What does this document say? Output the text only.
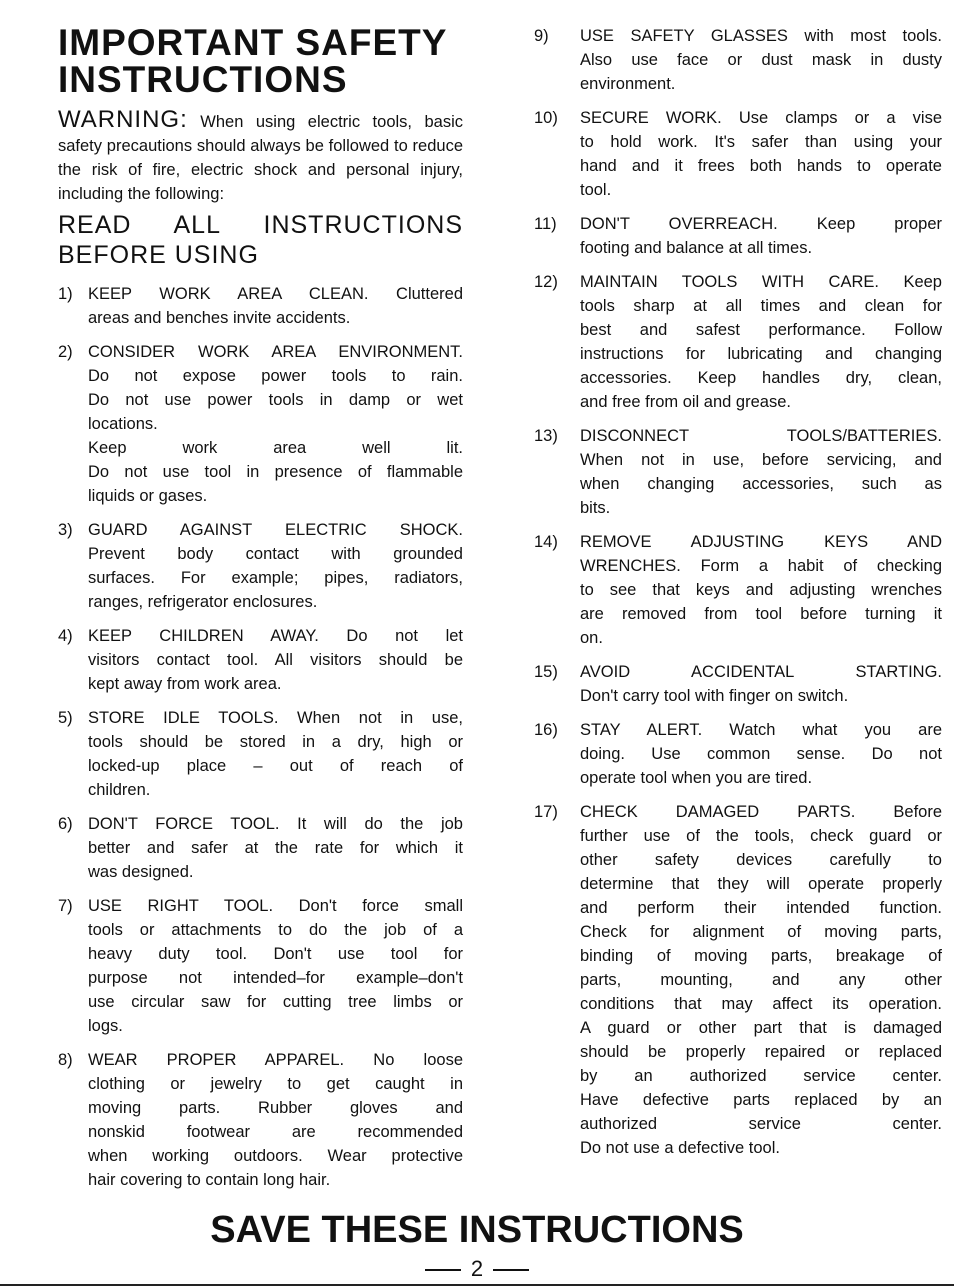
IMPORTANT SAFETY
INSTRUCTIONS
WARNING: When using electric tools, basic safety precautions should always be followed to reduce the risk of fire, electric shock and personal injury, including the following:
READ ALL INSTRUCTIONS
BEFORE USING
1) KEEP WORK AREA CLEAN. Cluttered
areas and benches invite accidents.
2) CONSIDER WORK AREA ENVIRONMENT.
Do not expose power tools to rain.
Do not use power tools in damp or wet
locations.
Keep work area well lit.
Do not use tool in presence of flammable
liquids or gases.
3) GUARD AGAINST ELECTRIC SHOCK.
Prevent body contact with grounded
surfaces. For example; pipes, radiators,
ranges, refrigerator enclosures.
4) KEEP CHILDREN AWAY. Do not let
visitors contact tool. All visitors should be
kept away from work area.
5) STORE IDLE TOOLS. When not in use,
tools should be stored in a dry, high or
locked-up place – out of reach of
children.
6) DON'T FORCE TOOL. It will do the job
better and safer at the rate for which it
was designed.
7) USE RIGHT TOOL. Don't force small
tools or attachments to do the job of a
heavy duty tool. Don't use tool for
purpose not intended–for example–don't
use circular saw for cutting tree limbs or
logs.
8) WEAR PROPER APPAREL. No loose
clothing or jewelry to get caught in
moving parts. Rubber gloves and
nonskid footwear are recommended
when working outdoors. Wear protective
hair covering to contain long hair.
9) USE SAFETY GLASSES with most tools.
Also use face or dust mask in dusty
environment.
10) SECURE WORK. Use clamps or a vise
to hold work. It's safer than using your
hand and it frees both hands to operate
tool.
11) DON'T OVERREACH. Keep proper
footing and balance at all times.
12) MAINTAIN TOOLS WITH CARE. Keep
tools sharp at all times and clean for
best and safest performance. Follow
instructions for lubricating and changing
accessories. Keep handles dry, clean,
and free from oil and grease.
13) DISCONNECT TOOLS/BATTERIES.
When not in use, before servicing, and
when changing accessories, such as
bits.
14) REMOVE ADJUSTING KEYS AND
WRENCHES. Form a habit of checking
to see that keys and adjusting wrenches
are removed from tool before turning it
on.
15) AVOID ACCIDENTAL STARTING.
Don't carry tool with finger on switch.
16) STAY ALERT. Watch what you are
doing. Use common sense. Do not
operate tool when you are tired.
17) CHECK DAMAGED PARTS. Before
further use of the tools, check guard or
other safety devices carefully to
determine that they will operate properly
and perform their intended function.
Check for alignment of moving parts,
binding of moving parts, breakage of
parts, mounting, and any other
conditions that may affect its operation.
A guard or other part that is damaged
should be properly repaired or replaced
by an authorized service center.
Have defective parts replaced by an
authorized service center.
Do not use a defective tool.
SAVE THESE INSTRUCTIONS
2
